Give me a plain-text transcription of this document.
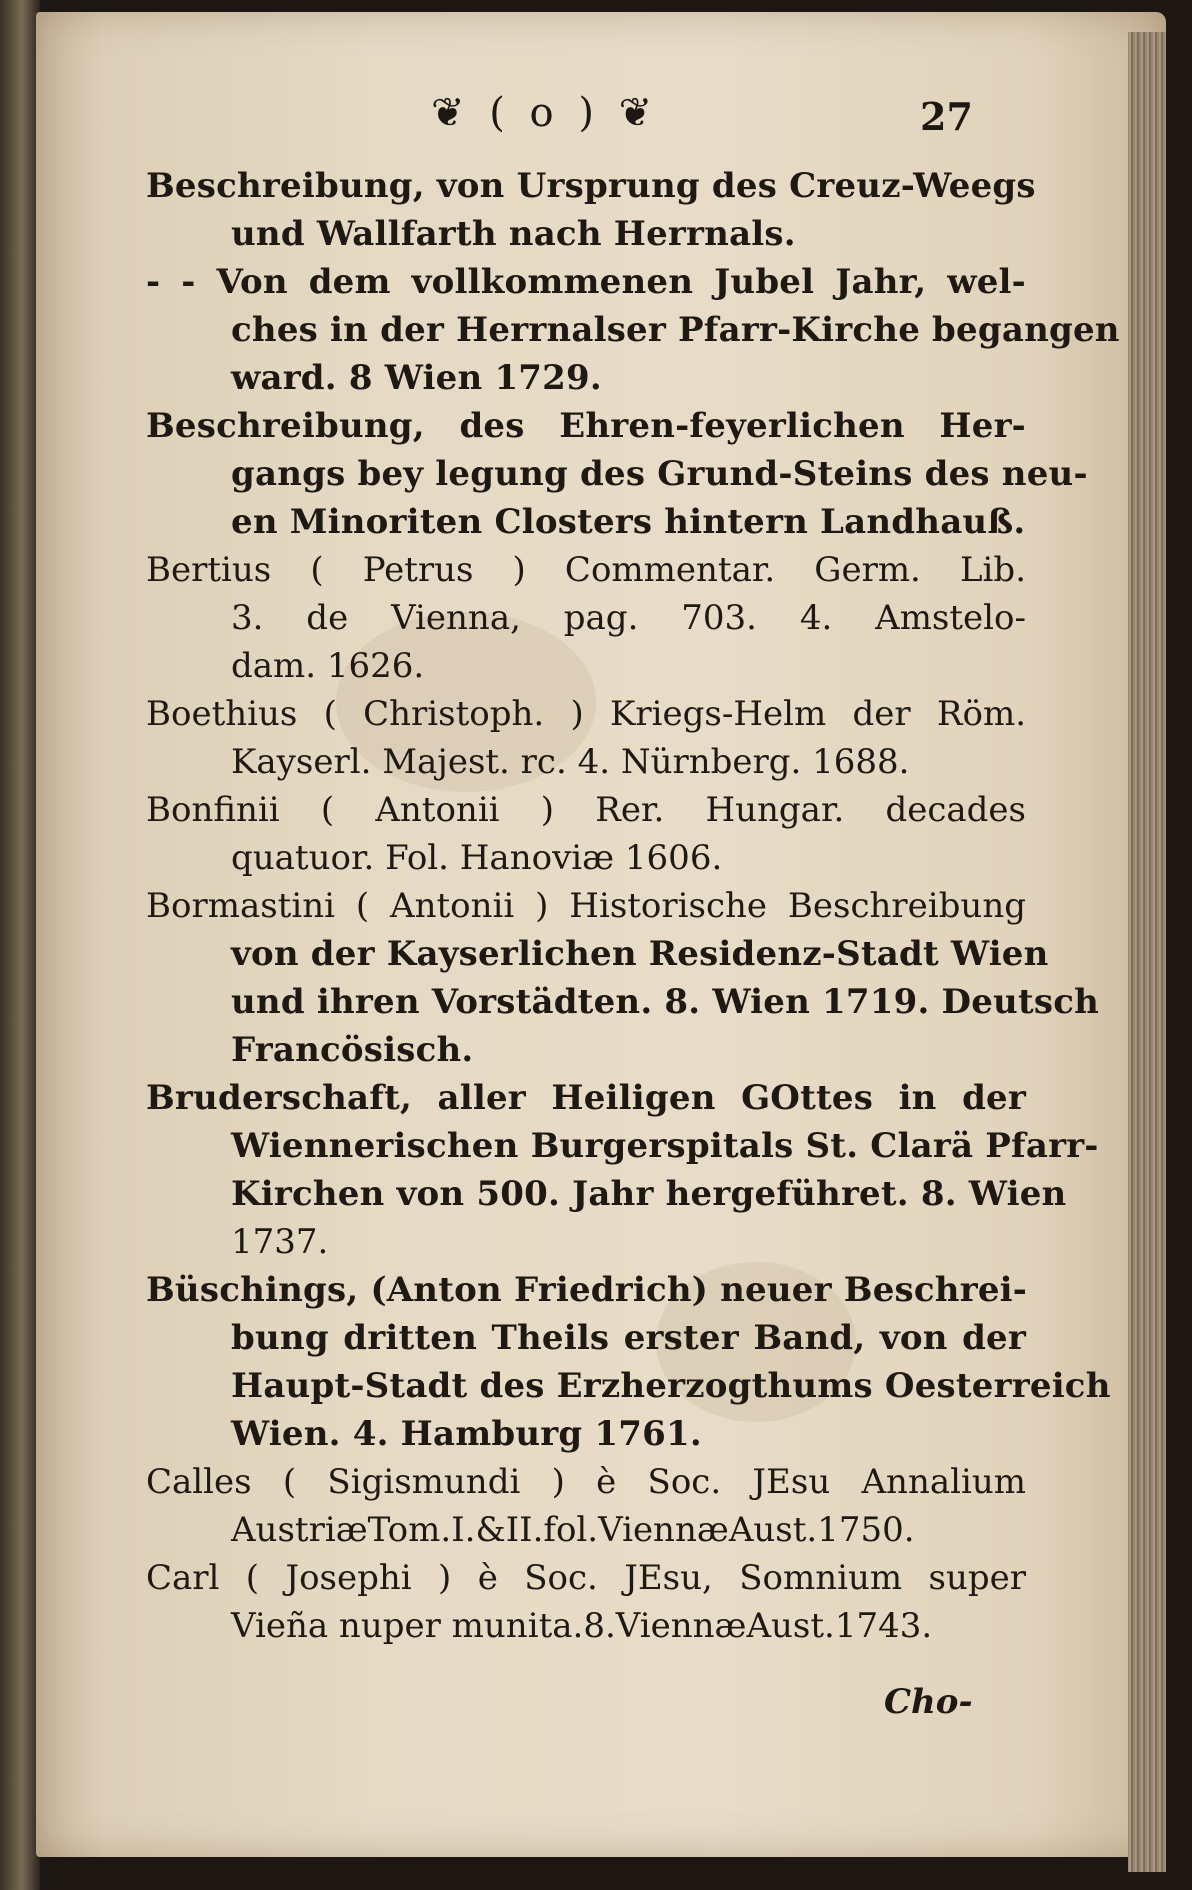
❦ ( o ) ❦	27
Beschreibung, von Ursprung des Creuz-Weegs
und Wallfarth nach Herrnals.
- - Von dem vollkommenen Jubel Jahr, wel-
ches in der Herrnalser Pfarr-Kirche begangen
ward. 8 Wien 1729.
Beschreibung, des Ehren-feyerlichen Her-
gangs bey legung des Grund-Steins des neu-
en Minoriten Closters hintern Landhauß.
Bertius ( Petrus ) Commentar. Germ. Lib.
3. de Vienna, pag. 703. 4. Amstelo-
dam. 1626.
Boethius ( Christoph. ) Kriegs-Helm der Röm.
Kayserl. Majest. rc. 4. Nürnberg. 1688.
Bonfinii ( Antonii ) Rer. Hungar. decades
quatuor. Fol. Hanoviæ 1606.
Bormastini ( Antonii ) Historische Beschreibung
von der Kayserlichen Residenz-Stadt Wien
und ihren Vorstädten. 8. Wien 1719. Deutsch
Francösisch.
Bruderschaft, aller Heiligen GOttes in der
Wiennerischen Burgerspitals St. Clarä Pfarr-
Kirchen von 500. Jahr hergeführet. 8. Wien
1737.
Büschings, (Anton Friedrich) neuer Beschrei-
bung dritten Theils erster Band, von der
Haupt-Stadt des Erzherzogthums Oesterreich
Wien. 4. Hamburg 1761.
Calles ( Sigismundi ) è Soc. JEsu Annalium
AustriæTom.I.&II.fol.ViennæAust.1750.
Carl ( Josephi ) è Soc. JEsu, Somnium super
Vieña nuper munita.8.ViennæAust.1743.
Cho-
